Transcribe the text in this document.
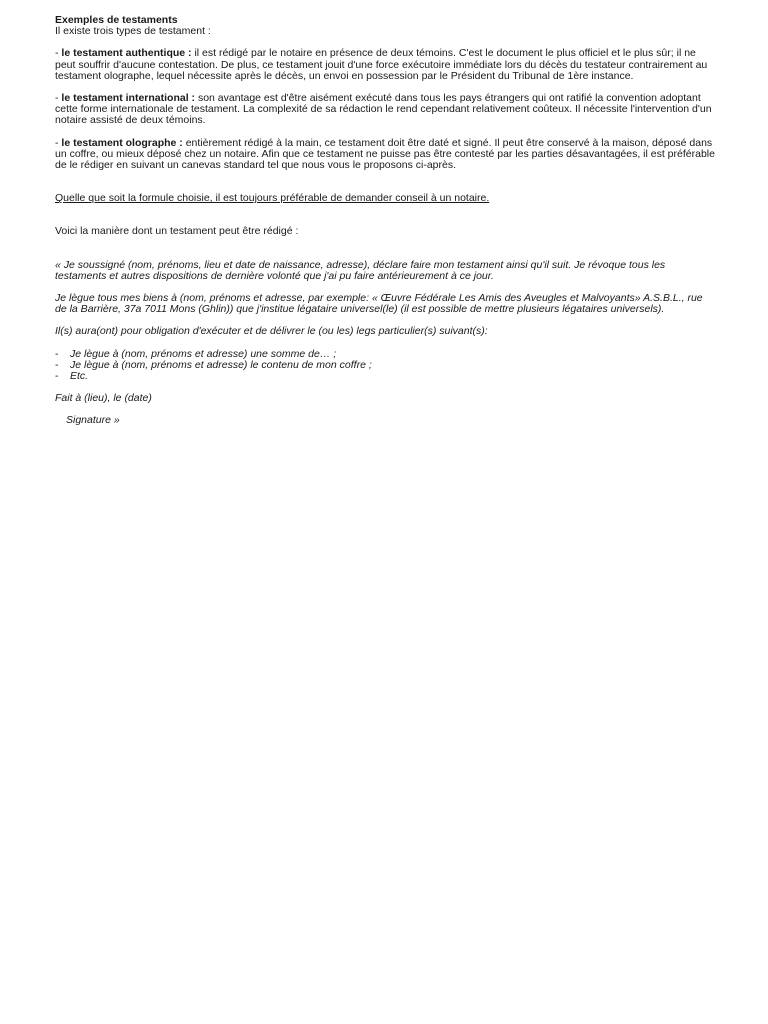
Exemples de testaments

Il existe trois types de testament :

- le testament authentique : il est rédigé par le notaire en présence de deux témoins. C'est le document le plus officiel et le plus sûr; il ne peut souffrir d'aucune contestation. De plus, ce testament jouit d'une force exécutoire immédiate lors du décès du testateur contrairement au testament olographe, lequel nécessite après le décès, un envoi en possession par le Président du Tribunal de 1ère instance.

- le testament international : son avantage est d'être aisément exécuté dans tous les pays étrangers qui ont ratifié la convention adoptant cette forme internationale de testament. La complexité de sa rédaction le rend cependant relativement coûteux. Il nécessite l'intervention d'un notaire assisté de deux témoins.

- le testament olographe : entièrement rédigé à la main, ce testament doit être daté et signé. Il peut être conservé à la maison, déposé dans un coffre, ou mieux déposé chez un notaire. Afin que ce testament ne puisse pas être contesté par les parties désavantagées, il est préférable de le rédiger en suivant un canevas standard tel que nous vous le proposons ci-après.

Quelle que soit la formule choisie, il est toujours préférable de demander conseil à un notaire.

Voici la manière dont un testament peut être rédigé :

« Je soussigné (nom, prénoms, lieu et date de naissance, adresse), déclare faire mon testament ainsi qu'il suit. Je révoque tous les testaments et autres dispositions de dernière volonté que j'ai pu faire antérieurement à ce jour.

Je lègue tous mes biens à (nom, prénoms et adresse, par exemple: « Œuvre Fédérale Les Amis des Aveugles et Malvoyants» A.S.B.L., rue de la Barrière, 37a 7011 Mons (Ghlin)) que j'institue légataire universel(le) (il est possible de mettre plusieurs légataires universels).

Il(s) aura(ont) pour obligation d'exécuter et de délivrer le (ou les) legs particulier(s) suivant(s):

-	Je lègue à (nom, prénoms et adresse) une somme de… ;
-	Je lègue à (nom, prénoms et adresse) le contenu de mon coffre ;
-	Etc.

Fait à (lieu), le (date)

Signature »
